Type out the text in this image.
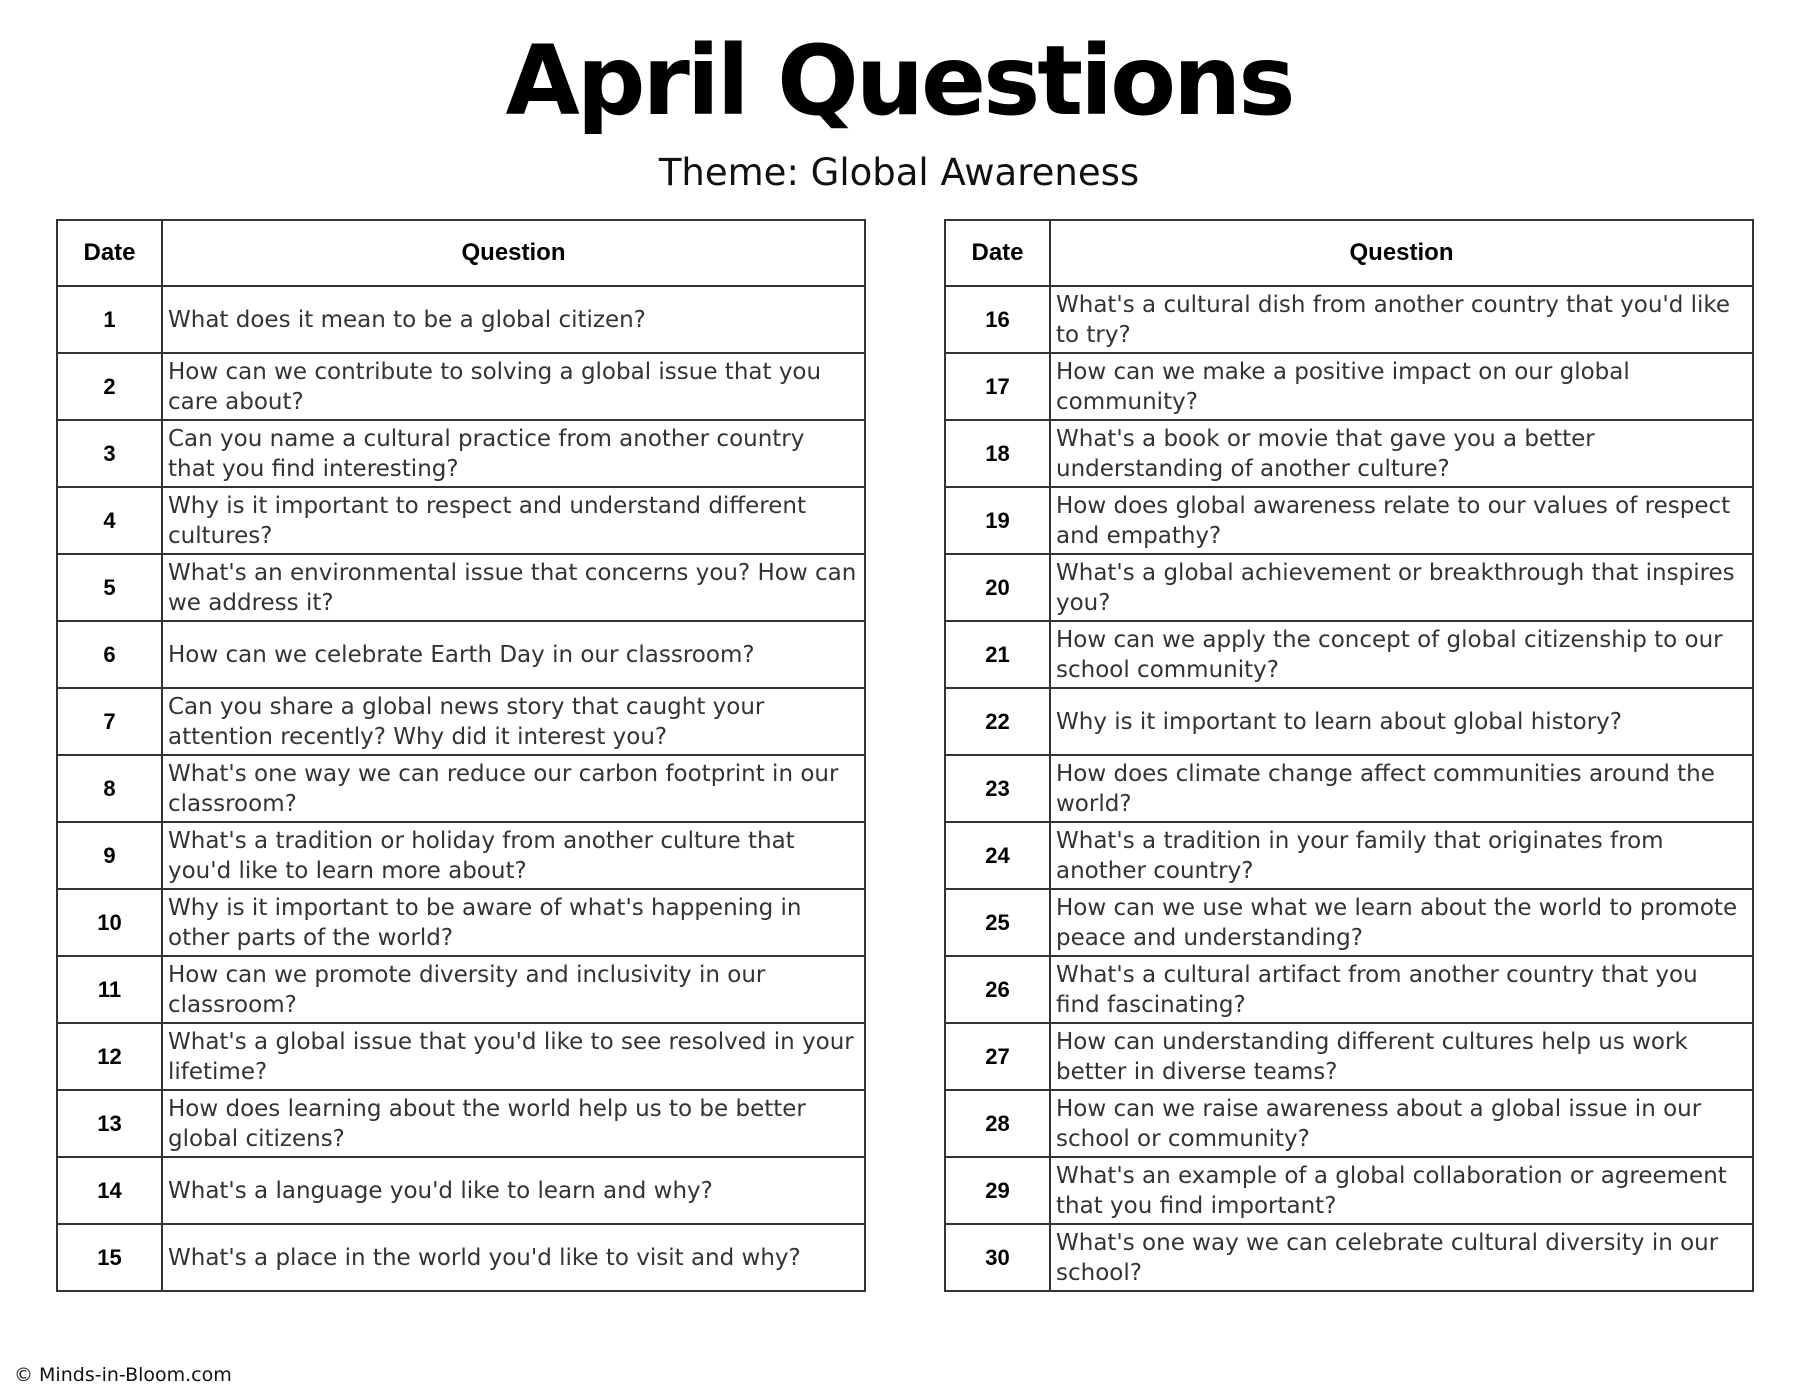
April Questions
Theme: Global Awareness
Date	Question
1	What does it mean to be a global citizen?
2	How can we contribute to solving a global issue that you care about?
3	Can you name a cultural practice from another country that you find interesting?
4	Why is it important to respect and understand different cultures?
5	What's an environmental issue that concerns you? How can we address it?
6	How can we celebrate Earth Day in our classroom?
7	Can you share a global news story that caught your attention recently? Why did it interest you?
8	What's one way we can reduce our carbon footprint in our classroom?
9	What's a tradition or holiday from another culture that you'd like to learn more about?
10	Why is it important to be aware of what's happening in other parts of the world?
11	How can we promote diversity and inclusivity in our classroom?
12	What's a global issue that you'd like to see resolved in your lifetime?
13	How does learning about the world help us to be better global citizens?
14	What's a language you'd like to learn and why?
15	What's a place in the world you'd like to visit and why?
Date	Question
16	What's a cultural dish from another country that you'd like to try?
17	How can we make a positive impact on our global community?
18	What's a book or movie that gave you a better understanding of another culture?
19	How does global awareness relate to our values of respect and empathy?
20	What's a global achievement or breakthrough that inspires you?
21	How can we apply the concept of global citizenship to our school community?
22	Why is it important to learn about global history?
23	How does climate change affect communities around the world?
24	What's a tradition in your family that originates from another country?
25	How can we use what we learn about the world to promote peace and understanding?
26	What's a cultural artifact from another country that you find fascinating?
27	How can understanding different cultures help us work better in diverse teams?
28	How can we raise awareness about a global issue in our school or community?
29	What's an example of a global collaboration or agreement that you find important?
30	What's one way we can celebrate cultural diversity in our school?
© Minds-in-Bloom.com
